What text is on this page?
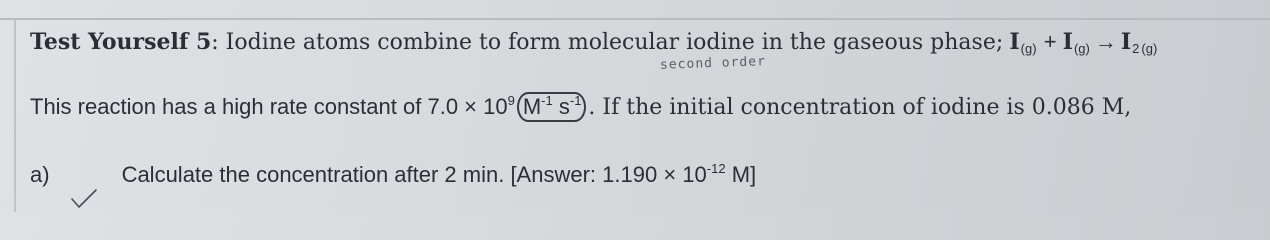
Test Yourself 5: Iodine atoms combine to form molecular iodine in the gaseous phase; I(g) + I(g) → I2 (g)
second order
This reaction has a high rate constant of $7.0 \times 10^9$ $M^{-1}$ $s^{-1}$ . If the initial concentration of iodine is 0.086 M,
a)	Calculate the concentration after 2 min. [Answer: $1.190 \times 10^{-12}$ M]
